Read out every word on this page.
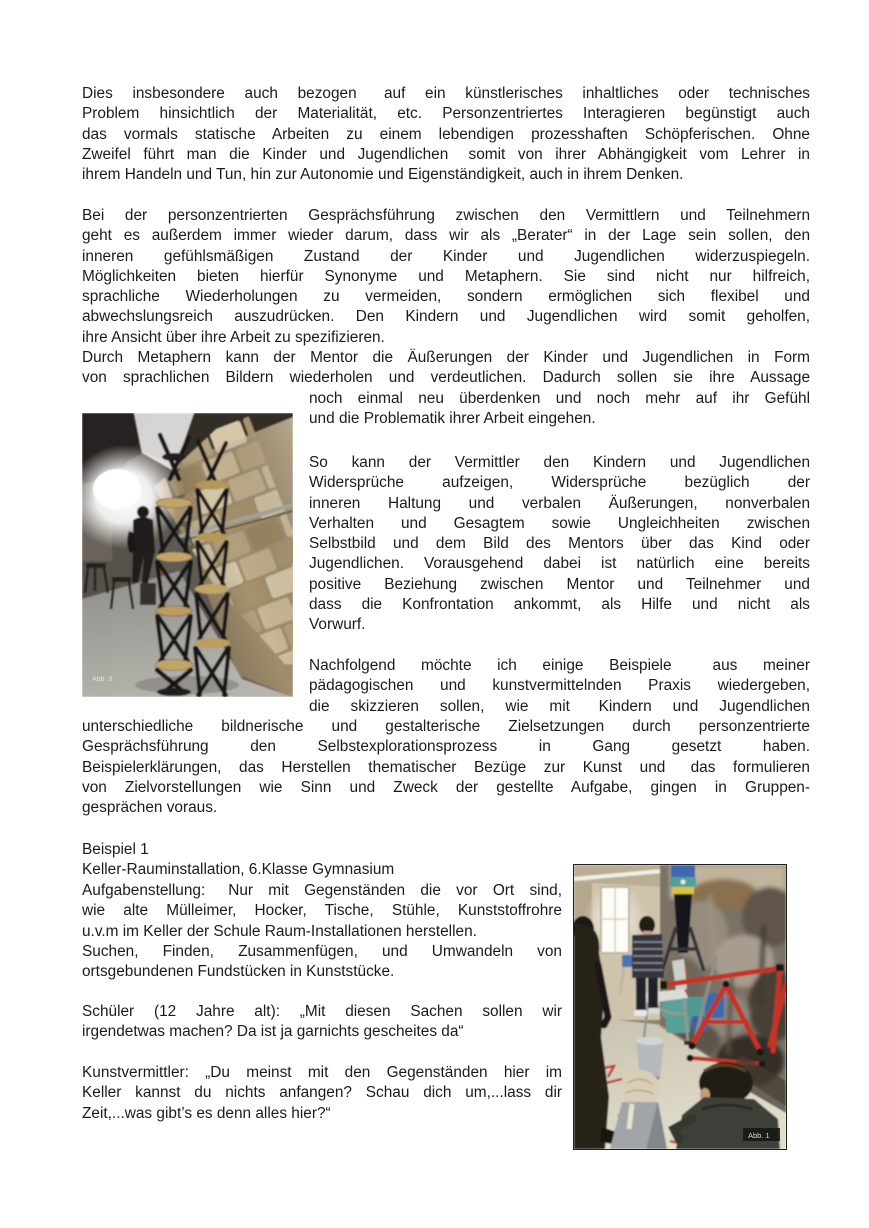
Dies insbesondere auch bezogen  auf ein künstlerisches inhaltliches oder technisches
Problem hinsichtlich der Materialität, etc. Personzentriertes Interagieren begünstigt auch
das vormals statische Arbeiten zu einem lebendigen prozesshaften Schöpferischen. Ohne
Zweifel führt man die Kinder und Jugendlichen  somit von ihrer Abhängigkeit vom Lehrer in
ihrem Handeln und Tun, hin zur Autonomie und Eigenständigkeit, auch in ihrem Denken.
Bei der personzentrierten Gesprächsführung zwischen den Vermittlern und Teilnehmern
geht es außerdem immer wieder darum, dass wir als „Berater“ in der Lage sein sollen, den
inneren gefühlsmäßigen Zustand der Kinder und Jugendlichen widerzuspiegeln.
Möglichkeiten bieten hierfür Synonyme und Metaphern. Sie sind nicht nur hilfreich,
sprachliche Wiederholungen zu vermeiden, sondern ermöglichen sich flexibel und
abwechslungsreich auszudrücken. Den Kindern und Jugendlichen wird somit geholfen,
ihre Ansicht über ihre Arbeit zu spezifizieren.
Durch Metaphern kann der Mentor die Äußerungen der Kinder und Jugendlichen in Form
von sprachlichen Bildern wiederholen und verdeutlichen. Dadurch sollen sie ihre Aussage
noch einmal neu überdenken und noch mehr auf ihr Gefühl
und die Problematik ihrer Arbeit eingehen.
So kann der Vermittler den Kindern und Jugendlichen
Widersprüche aufzeigen, Widersprüche bezüglich der
inneren Haltung und verbalen Äußerungen, nonverbalen
Verhalten und Gesagtem sowie Ungleichheiten zwischen
Selbstbild und dem Bild des Mentors über das Kind oder
Jugendlichen. Vorausgehend dabei ist natürlich eine bereits
positive Beziehung zwischen Mentor und Teilnehmer und
dass die Konfrontation ankommt, als Hilfe und nicht als
Vorwurf.
Nachfolgend möchte ich einige Beispiele   aus meiner
pädagogischen und kunstvermittelnden Praxis wiedergeben,
die skizzieren sollen, wie mit  Kindern und Jugendlichen
unterschiedliche bildnerische und gestalterische Zielsetzungen durch personzentrierte
Gesprächsführung den Selbstexplorationsprozess in Gang gesetzt haben.
Beispielerklärungen, das Herstellen thematischer Bezüge zur Kunst und  das formulieren
von Zielvorstellungen wie Sinn und Zweck der gestellte Aufgabe, gingen in Gruppen-
gesprächen voraus.
Beispiel 1
Keller-Rauminstallation, 6.Klasse Gymnasium
Aufgabenstellung:  Nur mit Gegenständen die vor Ort sind,
wie alte Mülleimer, Hocker, Tische, Stühle, Kunststoffrohre
u.v.m im Keller der Schule Raum-Installationen herstellen.
Suchen, Finden, Zusammenfügen, und Umwandeln von
ortsgebundenen Fundstücken in Kunststücke.
Schüler (12 Jahre alt): „Mit diesen Sachen sollen wir
irgendetwas machen? Da ist ja garnichts gescheites da“
Kunstvermittler: „Du meinst mit den Gegenständen hier im
Keller kannst du nichts anfangen? Schau dich um,...lass dir
Zeit,...was gibt’s es denn alles hier?“
Abb. 3
Abb. 1
